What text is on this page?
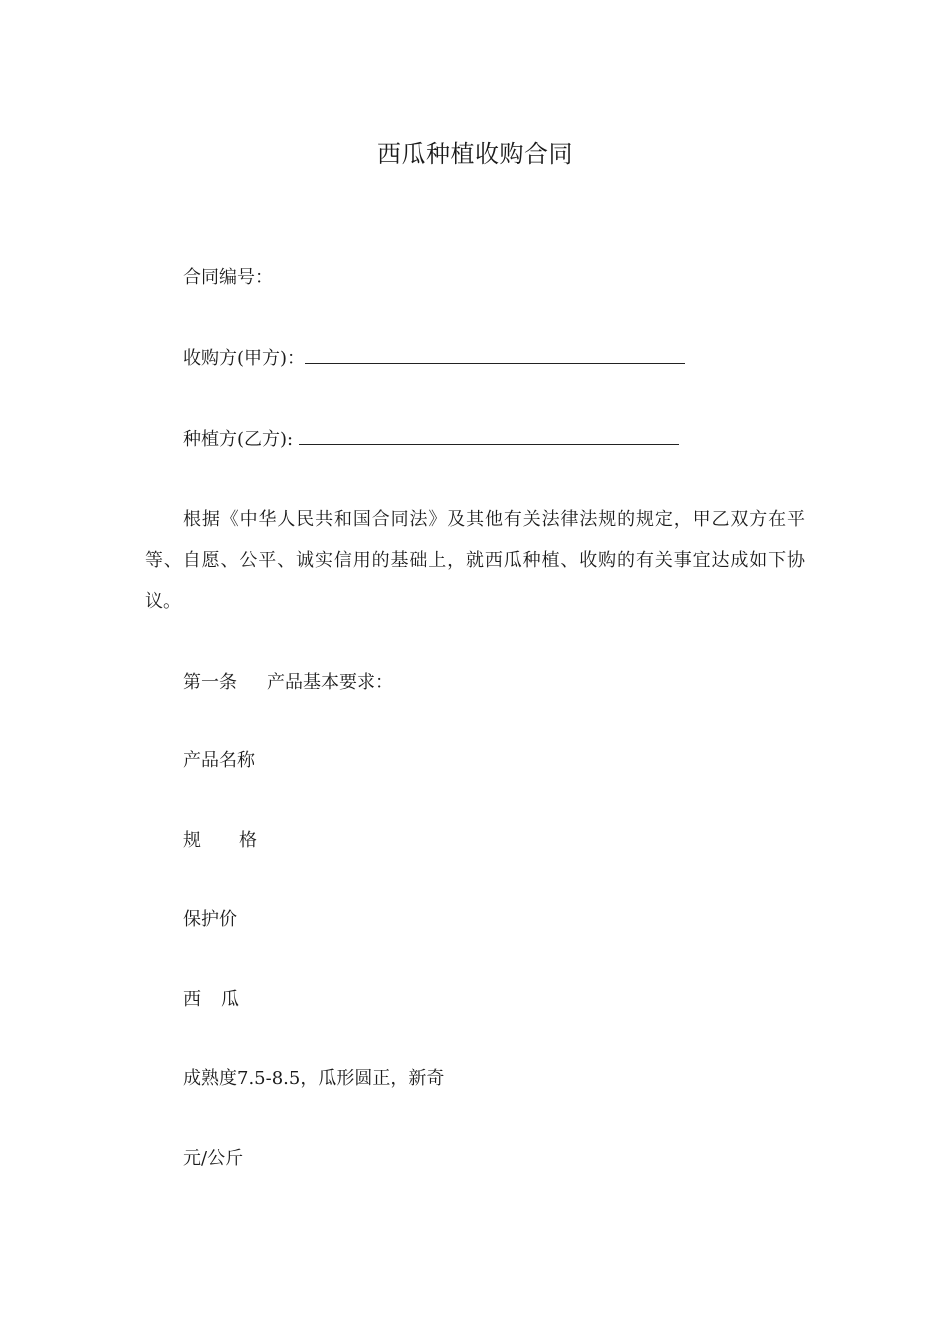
西瓜种植收购合同
合同编号：
收购方(甲方)：
种植方(乙方):
根据《中华人民共和国合同法》及其他有关法律法规的规定，甲乙双方在平等、自愿、公平、诚实信用的基础上，就西瓜种植、收购的有关事宜达成如下协议。
第一条 产品基本要求：
产品名称
规 格
保护价
西 瓜
成熟度7.5-8.5，瓜形圆正，新奇
元/公斤
